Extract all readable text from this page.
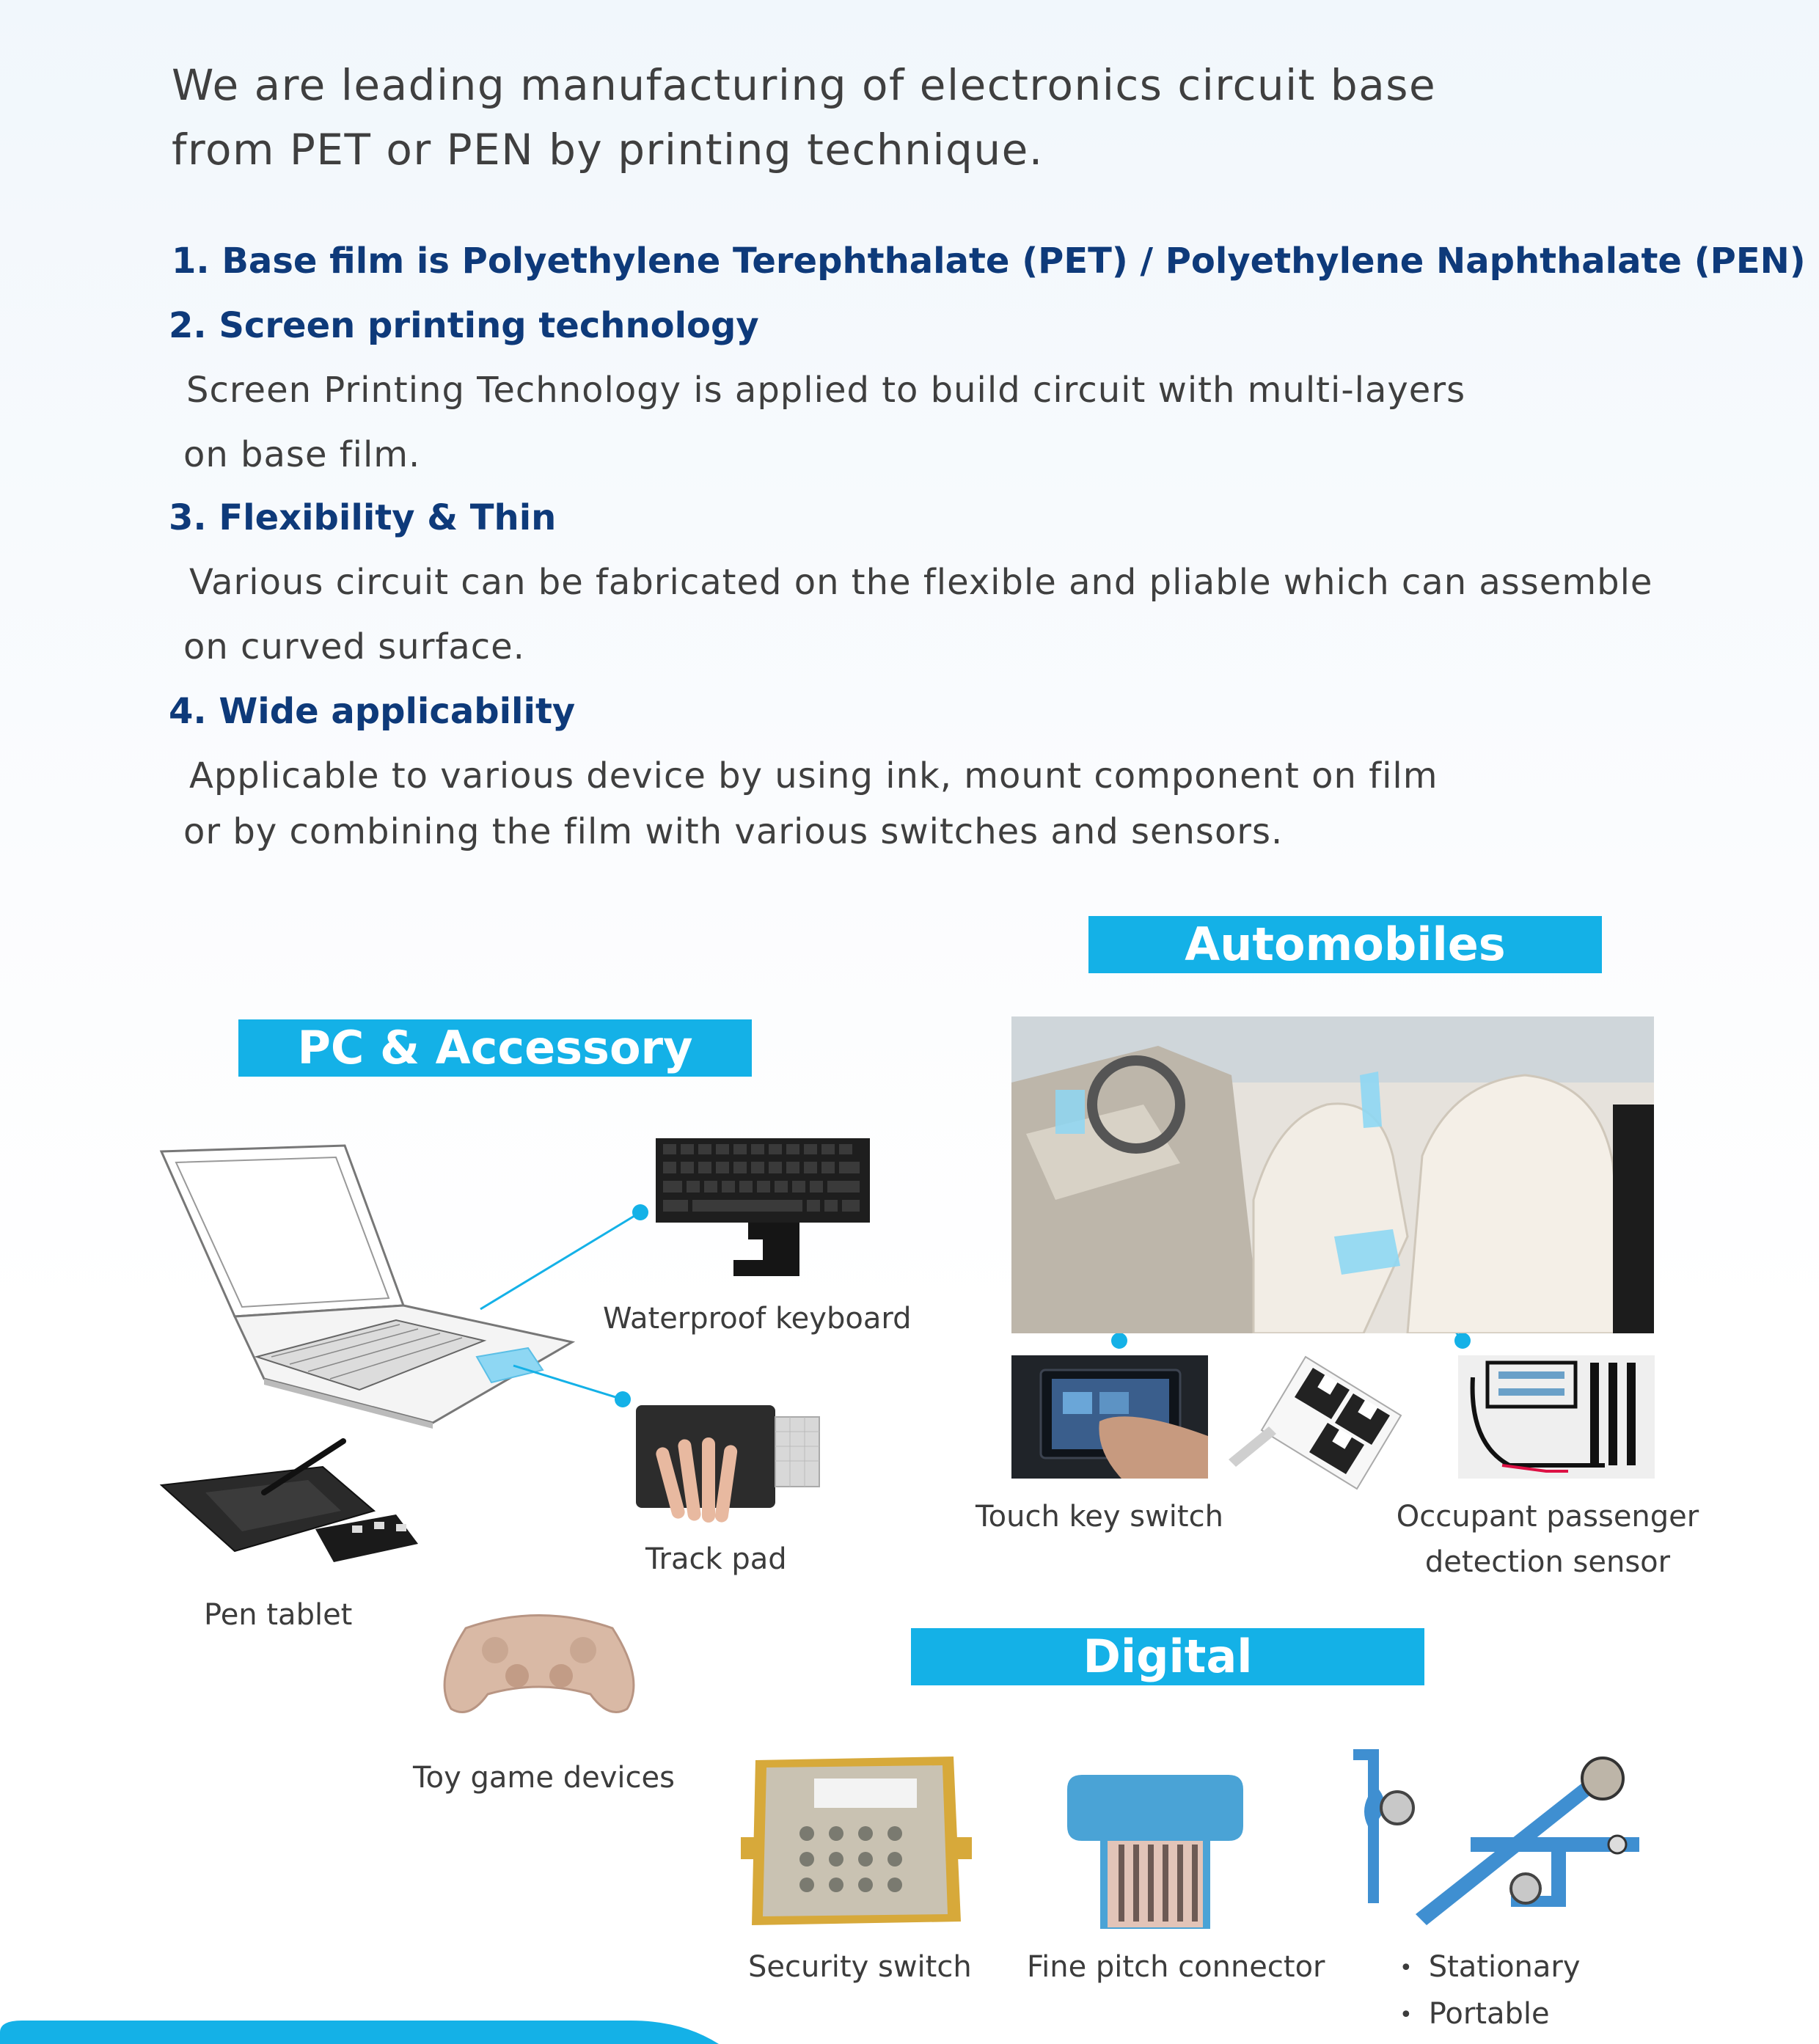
We are leading manufacturing of electronics circuit base
from PET or PEN by printing technique.
1. Base film is Polyethylene Terephthalate (PET) / Polyethylene Naphthalate (PEN)
2. Screen printing technology
Screen Printing Technology is applied to build circuit with multi-layers
on base film.
3. Flexibility & Thin
Various circuit can be fabricated on the flexible and pliable which can assemble
on curved surface.
4. Wide applicability
Applicable to various device by using ink, mount component on film
or by combining the film with various switches and sensors.
PC & Accessory
Automobiles
Digital
Waterproof keyboard
Track pad
Pen tablet
Toy game devices
Touch key switch	Occupant passenger
detection sensor
Security switch Fine pitch connector	• Stationary
• Portable
